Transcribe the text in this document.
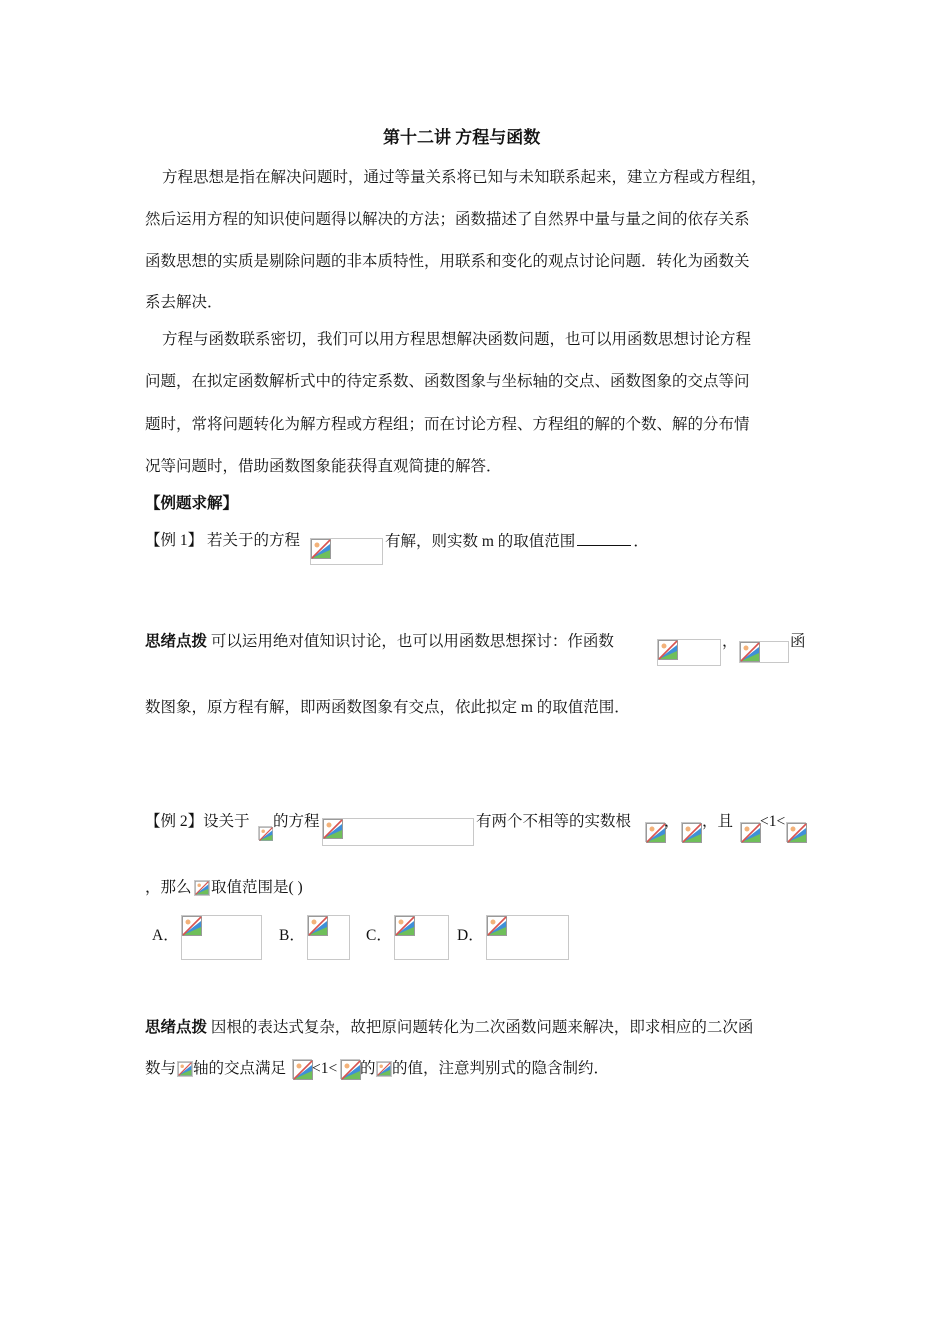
第十二讲 方程与函数
方程思想是指在解决问题时，通过等量关系将已知与未知联系起来，建立方程或方程组，
然后运用方程的知识使问题得以解决的方法；函数描述了自然界中量与量之间的依存关系
函数思想的实质是剔除问题的非本质特性，用联系和变化的观点讨论问题．转化为函数关
系去解决．
方程与函数联系密切，我们可以用方程思想解决函数问题，也可以用函数思想讨论方程
问题，在拟定函数解析式中的待定系数、函数图象与坐标轴的交点、函数图象的交点等问
题时，常将问题转化为解方程或方程组；而在讨论方程、方程组的解的个数、解的分布情
况等问题时，借助函数图象能获得直观简捷的解答．
【例题求解】
【例 1】 若关于的方程	有解，则实数 m 的取值范围	．
思绪点拨 可以运用绝对值知识讨论，也可以用函数思想探讨：作函数	，	函
数图象，原方程有解，即两函数图象有交点，依此拟定 m 的取值范围．
【例 2】设关于 的方程	有两个不相等的实数根 ， ，且 <1<
，那么 取值范围是( )
A．	B．	C．	D．
思绪点拨 因根的表达式复杂，故把原问题转化为二次函数问题来解决，即求相应的二次函
数与 轴的交点满足 <1< 的 的值，注意判别式的隐含制约．
